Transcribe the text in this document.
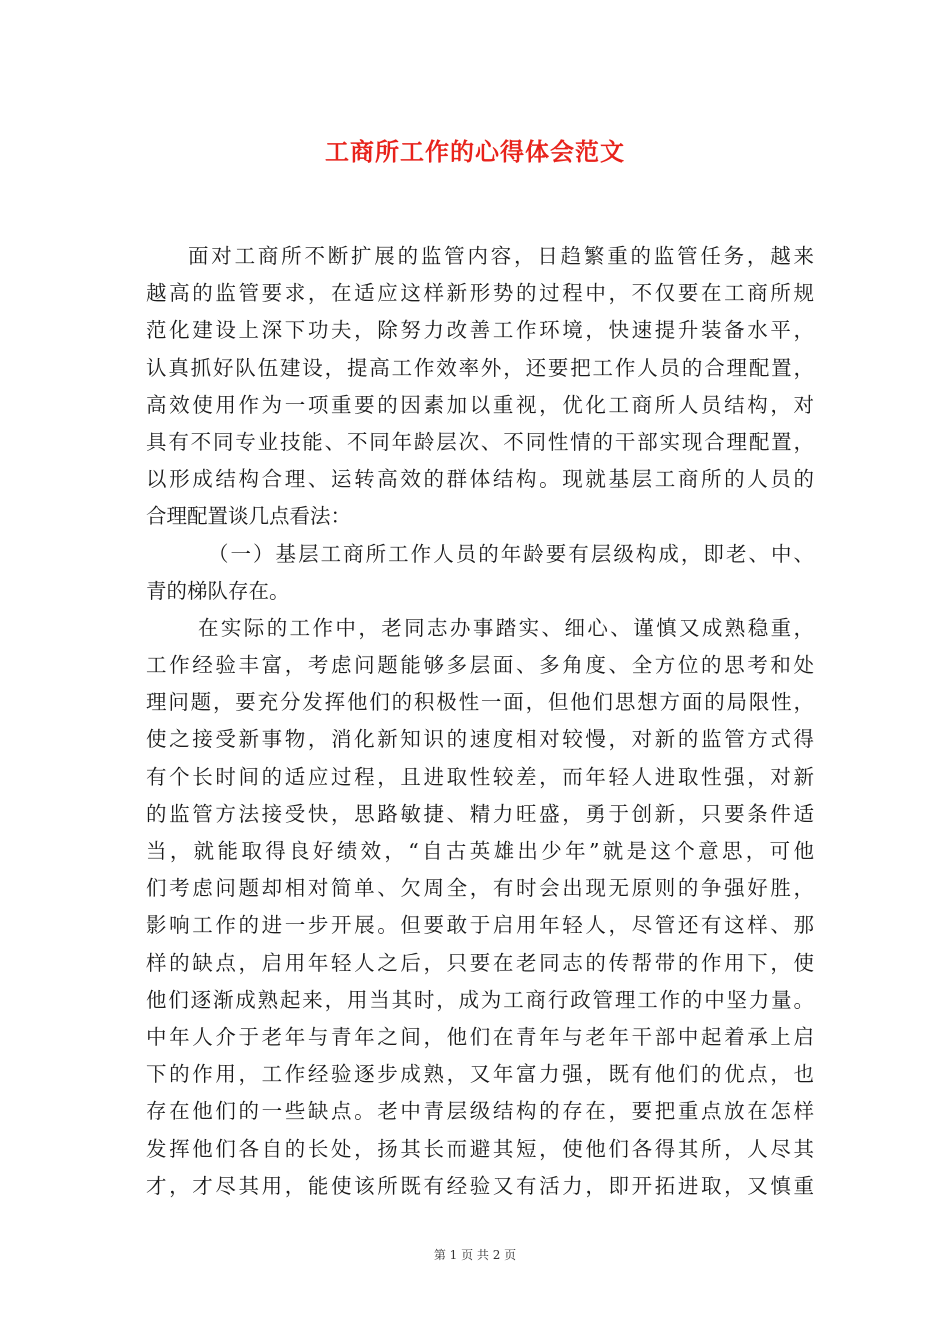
工商所工作的心得体会范文
面对工商所不断扩展的监管内容，日趋繁重的监管任务，越来
越高的监管要求，在适应这样新形势的过程中，不仅要在工商所规
范化建设上深下功夫，除努力改善工作环境，快速提升装备水平，
认真抓好队伍建设，提高工作效率外，还要把工作人员的合理配置，
高效使用作为一项重要的因素加以重视，优化工商所人员结构，对
具有不同专业技能、不同年龄层次、不同性情的干部实现合理配置，
以形成结构合理、运转高效的群体结构。现就基层工商所的人员的
合理配置谈几点看法：
（一）基层工商所工作人员的年龄要有层级构成，即老、中、
青的梯队存在。
在实际的工作中，老同志办事踏实、细心、谨慎又成熟稳重，
工作经验丰富，考虑问题能够多层面、多角度、全方位的思考和处
理问题，要充分发挥他们的积极性一面，但他们思想方面的局限性，
使之接受新事物，消化新知识的速度相对较慢，对新的监管方式得
有个长时间的适应过程，且进取性较差，而年轻人进取性强，对新
的监管方法接受快，思路敏捷、精力旺盛，勇于创新，只要条件适
当，就能取得良好绩效，“自古英雄出少年”就是这个意思，可他
们考虑问题却相对简单、欠周全，有时会出现无原则的争强好胜，
影响工作的进一步开展。但要敢于启用年轻人，尽管还有这样、那
样的缺点，启用年轻人之后，只要在老同志的传帮带的作用下，使
他们逐渐成熟起来，用当其时，成为工商行政管理工作的中坚力量。
中年人介于老年与青年之间，他们在青年与老年干部中起着承上启
下的作用，工作经验逐步成熟，又年富力强，既有他们的优点，也
存在他们的一些缺点。老中青层级结构的存在，要把重点放在怎样
发挥他们各自的长处，扬其长而避其短，使他们各得其所，人尽其
才，才尽其用，能使该所既有经验又有活力，即开拓进取，又慎重
第 1 页 共 2 页
